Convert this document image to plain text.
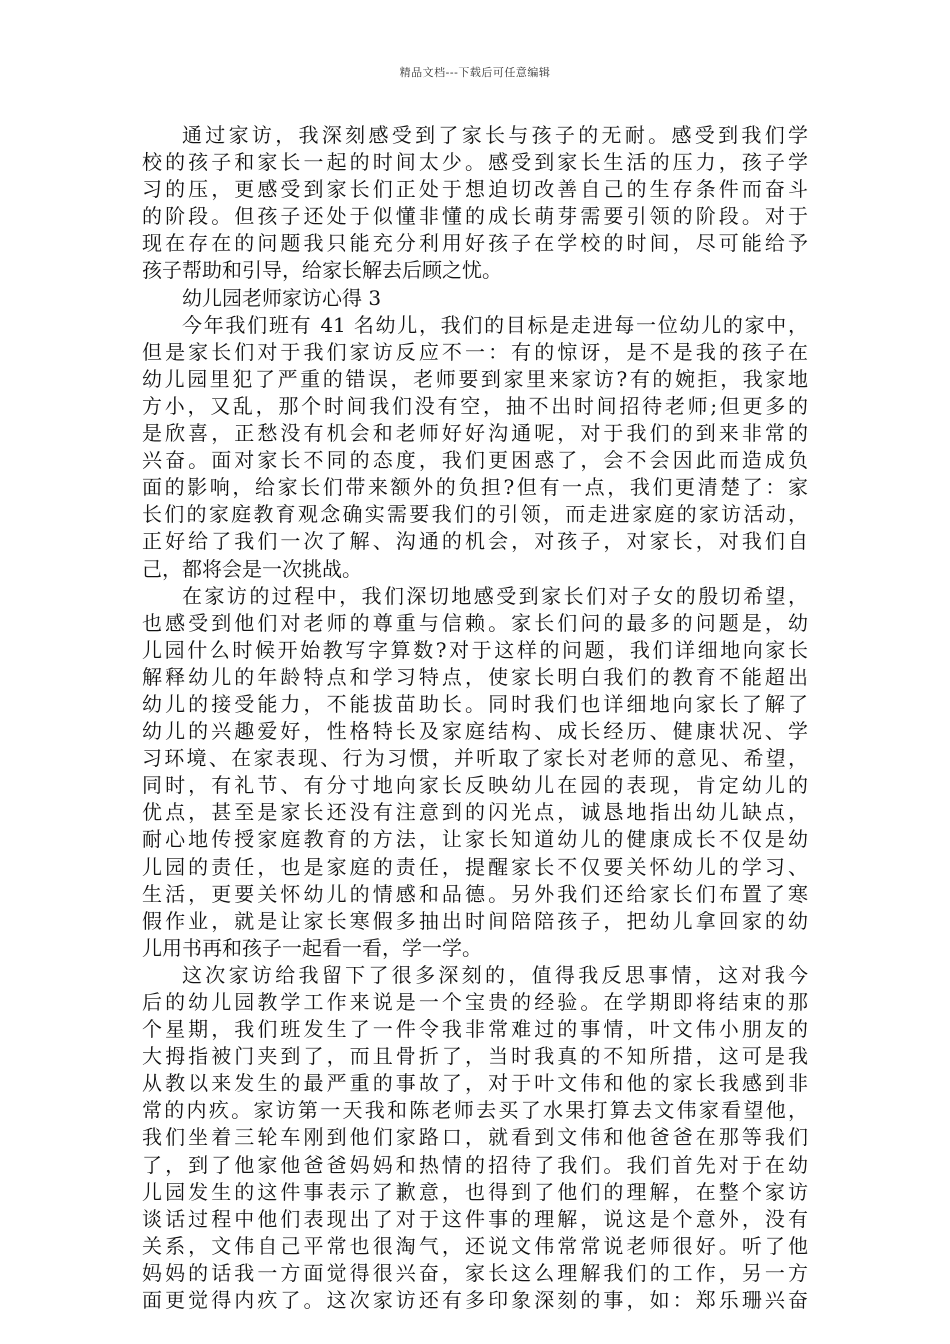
精品文档---下载后可任意编辑
通过家访，我深刻感受到了家长与孩子的无耐。感受到我们学
校的孩子和家长一起的时间太少。感受到家长生活的压力，孩子学
习的压，更感受到家长们正处于想迫切改善自己的生存条件而奋斗
的阶段。但孩子还处于似懂非懂的成长萌芽需要引领的阶段。对于
现在存在的问题我只能充分利用好孩子在学校的时间，尽可能给予
孩子帮助和引导，给家长解去后顾之忧。
幼儿园老师家访心得 3
今年我们班有 41 名幼儿，我们的目标是走进每一位幼儿的家中，
但是家长们对于我们家访反应不一：有的惊讶，是不是我的孩子在
幼儿园里犯了严重的错误，老师要到家里来家访?有的婉拒，我家地
方小，又乱，那个时间我们没有空，抽不出时间招待老师;但更多的
是欣喜，正愁没有机会和老师好好沟通呢，对于我们的到来非常的
兴奋。面对家长不同的态度，我们更困惑了，会不会因此而造成负
面的影响，给家长们带来额外的负担?但有一点，我们更清楚了：家
长们的家庭教育观念确实需要我们的引领，而走进家庭的家访活动，
正好给了我们一次了解、沟通的机会，对孩子，对家长，对我们自
己，都将会是一次挑战。
在家访的过程中，我们深切地感受到家长们对子女的殷切希望，
也感受到他们对老师的尊重与信赖。家长们问的最多的问题是，幼
儿园什么时候开始教写字算数?对于这样的问题，我们详细地向家长
解释幼儿的年龄特点和学习特点，使家长明白我们的教育不能超出
幼儿的接受能力，不能拔苗助长。同时我们也详细地向家长了解了
幼儿的兴趣爱好，性格特长及家庭结构、成长经历、健康状况、学
习环境、在家表现、行为习惯，并听取了家长对老师的意见、希望，
同时，有礼节、有分寸地向家长反映幼儿在园的表现，肯定幼儿的
优点，甚至是家长还没有注意到的闪光点，诚恳地指出幼儿缺点，
耐心地传授家庭教育的方法，让家长知道幼儿的健康成长不仅是幼
儿园的责任，也是家庭的责任，提醒家长不仅要关怀幼儿的学习、
生活，更要关怀幼儿的情感和品德。另外我们还给家长们布置了寒
假作业，就是让家长寒假多抽出时间陪陪孩子，把幼儿拿回家的幼
儿用书再和孩子一起看一看，学一学。
这次家访给我留下了很多深刻的，值得我反思事情，这对我今
后的幼儿园教学工作来说是一个宝贵的经验。在学期即将结束的那
个星期，我们班发生了一件令我非常难过的事情，叶文伟小朋友的
大拇指被门夹到了，而且骨折了，当时我真的不知所措，这可是我
从教以来发生的最严重的事故了，对于叶文伟和他的家长我感到非
常的内疚。家访第一天我和陈老师去买了水果打算去文伟家看望他，
我们坐着三轮车刚到他们家路口，就看到文伟和他爸爸在那等我们
了，到了他家他爸爸妈妈和热情的招待了我们。我们首先对于在幼
儿园发生的这件事表示了歉意，也得到了他们的理解，在整个家访
谈话过程中他们表现出了对于这件事的理解，说这是个意外，没有
关系，文伟自己平常也很淘气，还说文伟常常说老师很好。听了他
妈妈的话我一方面觉得很兴奋，家长这么理解我们的工作，另一方
面更觉得内疚了。这次家访还有多印象深刻的事，如：郑乐珊兴奋
